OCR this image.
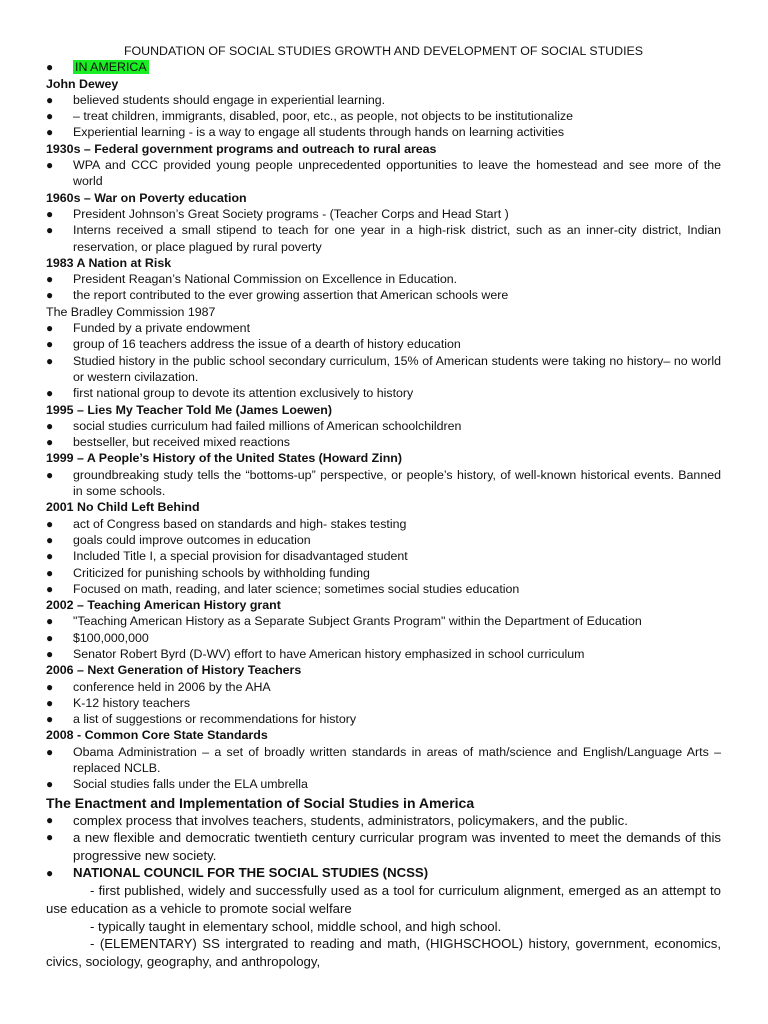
FOUNDATION OF SOCIAL STUDIES GROWTH AND DEVELOPMENT OF SOCIAL STUDIES
● IN AMERICA
John Dewey
● believed students should engage in experiential learning.
● – treat children, immigrants, disabled, poor, etc., as people, not objects to be institutionalize
● Experiential learning - is a way to engage all students through hands on learning activities
1930s – Federal government programs and outreach to rural areas
● WPA and CCC provided young people unprecedented opportunities to leave the homestead and see more of the world
1960s – War on Poverty education
● President Johnson’s Great Society programs - (Teacher Corps and Head Start )
● Interns received a small stipend to teach for one year in a high-risk district, such as an inner-city district, Indian reservation, or place plagued by rural poverty
1983 A Nation at Risk
● President Reagan’s National Commission on Excellence in Education.
● the report contributed to the ever growing assertion that American schools were
The Bradley Commission 1987
● Funded by a private endowment
● group of 16 teachers address the issue of a dearth of history education
● Studied history in the public school secondary curriculum, 15% of American students were taking no history– no world or western civilazation.
● first national group to devote its attention exclusively to history
1995 – Lies My Teacher Told Me (James Loewen)
● social studies curriculum had failed millions of American schoolchildren
● bestseller, but received mixed reactions
1999 – A People’s History of the United States (Howard Zinn)
● groundbreaking study tells the “bottoms-up” perspective, or people’s history, of well-known historical events. Banned in some schools.
2001 No Child Left Behind
● act of Congress based on standards and high- stakes testing
● goals could improve outcomes in education
● Included Title I, a special provision for disadvantaged student
● Criticized for punishing schools by withholding funding
● Focused on math, reading, and later science; sometimes social studies education
2002 – Teaching American History grant
● "Teaching American History as a Separate Subject Grants Program" within the Department of Education
● $100,000,000
● Senator Robert Byrd (D-WV) effort to have American history emphasized in school curriculum
2006 – Next Generation of History Teachers
● conference held in 2006 by the AHA
● K-12 history teachers
● a list of suggestions or recommendations for history
2008 - Common Core State Standards
● Obama Administration – a set of broadly written standards in areas of math/science and English/Language Arts – replaced NCLB.
● Social studies falls under the ELA umbrella
The Enactment and Implementation of Social Studies in America
● complex process that involves teachers, students, administrators, policymakers, and the public.
● a new flexible and democratic twentieth century curricular program was invented to meet the demands of this progressive new society.
● NATIONAL COUNCIL FOR THE SOCIAL STUDIES (NCSS)
- first published, widely and successfully used as a tool for curriculum alignment, emerged as an attempt to use education as a vehicle to promote social welfare
- typically taught in elementary school, middle school, and high school.
- (ELEMENTARY) SS intergrated to reading and math, (HIGHSCHOOL) history, government, economics, civics, sociology, geography, and anthropology,
